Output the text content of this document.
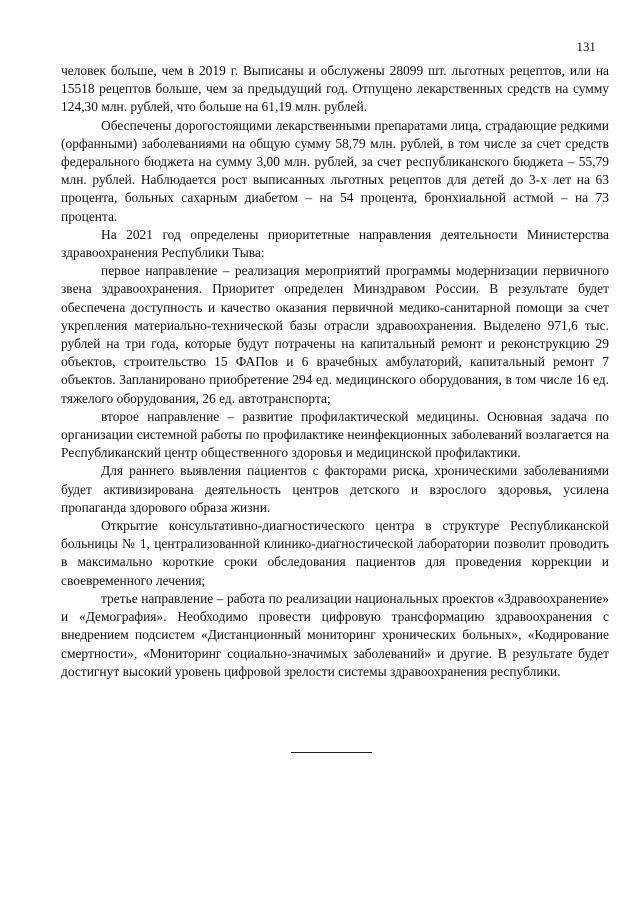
131

человек больше, чем в 2019 г. Выписаны и обслужены 28099 шт. льготных рецептов, или на 15518 рецептов больше, чем за предыдущий год. Отпущено лекарственных средств на сумму 124,30 млн. рублей, что больше на 61,19 млн. рублей.

Обеспечены дорогостоящими лекарственными препаратами лица, страдающие редкими (орфанными) заболеваниями на общую сумму 58,79 млн. рублей, в том числе за счет средств федерального бюджета на сумму 3,00 млн. рублей, за счет республиканского бюджета – 55,79 млн. рублей. Наблюдается рост выписанных льготных рецептов для детей до 3-х лет на 63 процента, больных сахарным диабетом – на 54 процента, бронхиальной астмой – на 73 процента.

На 2021 год определены приоритетные направления деятельности Министерства здравоохранения Республики Тыва:

первое направление – реализация мероприятий программы модернизации первичного звена здравоохранения. Приоритет определен Минздравом России. В результате будет обеспечена доступность и качество оказания первичной медико-санитарной помощи за счет укрепления материально-технической базы отрасли здравоохранения. Выделено 971,6 тыс. рублей на три года, которые будут потрачены на капитальный ремонт и реконструкцию 29 объектов, строительство 15 ФАПов и 6 врачебных амбулаторий, капитальный ремонт 7 объектов. Запланировано приобретение 294 ед. медицинского оборудования, в том числе 16 ед. тяжелого оборудования, 26 ед. автотранспорта;

второе направление – развитие профилактической медицины. Основная задача по организации системной работы по профилактике неинфекционных заболеваний возлагается на Республиканский центр общественного здоровья и медицинской профилактики.

Для раннего выявления пациентов с факторами риска, хроническими заболеваниями будет активизирована деятельность центров детского и взрослого здоровья, усилена пропаганда здорового образа жизни.

Открытие консультативно-диагностического центра в структуре Республиканской больницы № 1, централизованной клинико-диагностической лаборатории позволит проводить в максимально короткие сроки обследования пациентов для проведения коррекции и своевременного лечения;

третье направление – работа по реализации национальных проектов «Здравоохранение» и «Демография». Необходимо провести цифровую трансформацию здравоохранения с внедрением подсистем «Дистанционный мониторинг хронических больных», «Кодирование смертности», «Мониторинг социально-значимых заболеваний» и другие. В результате будет достигнут высокий уровень цифровой зрелости системы здравоохранения республики.
